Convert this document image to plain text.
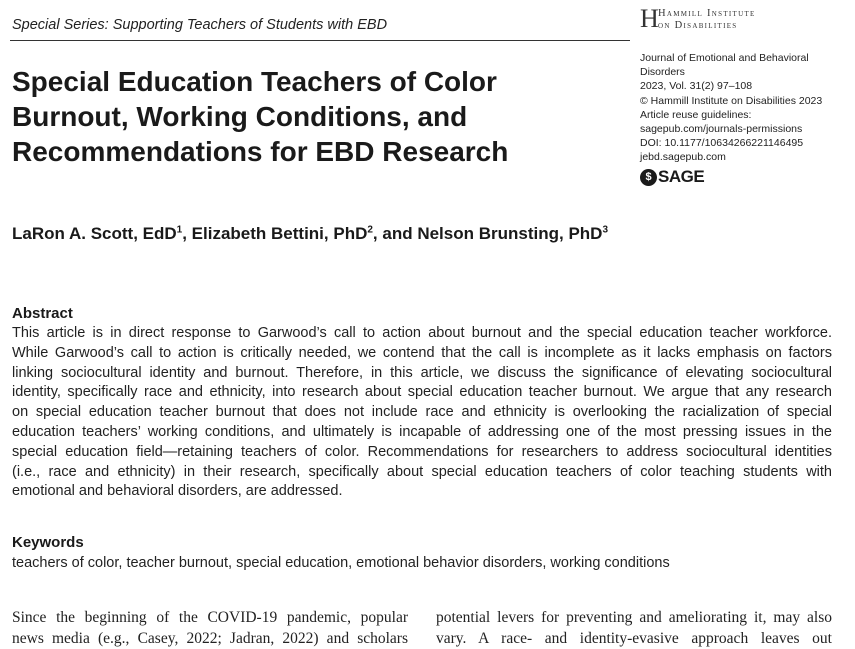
Special Series: Supporting Teachers of Students with EBD	H Hammill Institute
on Disabilities
Special Education Teachers of Color
Burnout, Working Conditions, and
Recommendations for EBD Research
Journal of Emotional and Behavioral
Disorders
2023, Vol. 31(2) 97–108
© Hammill Institute on Disabilities 2023
Article reuse guidelines:
sagepub.com/journals-permissions
DOI: 10.1177/10634266221146495
jebd.sagepub.com
$ SAGE
LaRon A. Scott, EdD$^1$, Elizabeth Bettini, PhD$^2$, and Nelson Brunsting, PhD$^3$
Abstract
This article is in direct response to Garwood’s call to action about burnout and the special education teacher workforce.
While Garwood’s call to action is critically needed, we contend that the call is incomplete as it lacks emphasis on factors
linking sociocultural identity and burnout. Therefore, in this article, we discuss the significance of elevating sociocultural
identity, specifically race and ethnicity, into research about special education teacher burnout. We argue that any research
on special education teacher burnout that does not include race and ethnicity is overlooking the racialization of special
education teachers’ working conditions, and ultimately is incapable of addressing one of the most pressing issues in the
special education field—retaining teachers of color. Recommendations for researchers to address sociocultural identities
(i.e., race and ethnicity) in their research, specifically about special education teachers of color teaching students with
emotional and behavioral disorders, are addressed.
Keywords
teachers of color, teacher burnout, special education, emotional behavior disorders, working conditions
Since the beginning of the COVID-19 pandemic, popular
news media (e.g., Casey, 2022; Jadran, 2022) and scholars
potential levers for preventing and ameliorating it, may also
vary. A race- and identity-evasive approach leaves out
